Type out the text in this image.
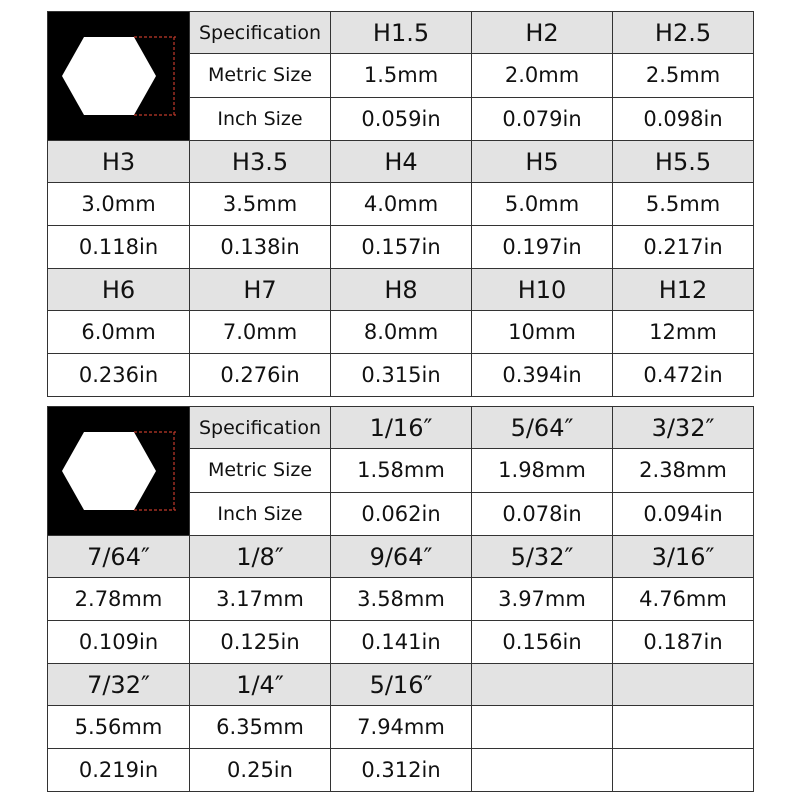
	Specification	H1.5	H2	H2.5
	Metric Size	1.5mm	2.0mm	2.5mm
	Inch Size	0.059in	0.079in	0.098in
H3	H3.5	H4	H5	H5.5
3.0mm	3.5mm	4.0mm	5.0mm	5.5mm
0.118in	0.138in	0.157in	0.197in	0.217in
H6	H7	H8	H10	H12
6.0mm	7.0mm	8.0mm	10mm	12mm
0.236in	0.276in	0.315in	0.394in	0.472in
	Specification	1/16″	5/64″	3/32″
	Metric Size	1.58mm	1.98mm	2.38mm
	Inch Size	0.062in	0.078in	0.094in
7/64″	1/8″	9/64″	5/32″	3/16″
2.78mm	3.17mm	3.58mm	3.97mm	4.76mm
0.109in	0.125in	0.141in	0.156in	0.187in
7/32″	1/4″	5/16″		
5.56mm	6.35mm	7.94mm		
0.219in	0.25in	0.312in		
